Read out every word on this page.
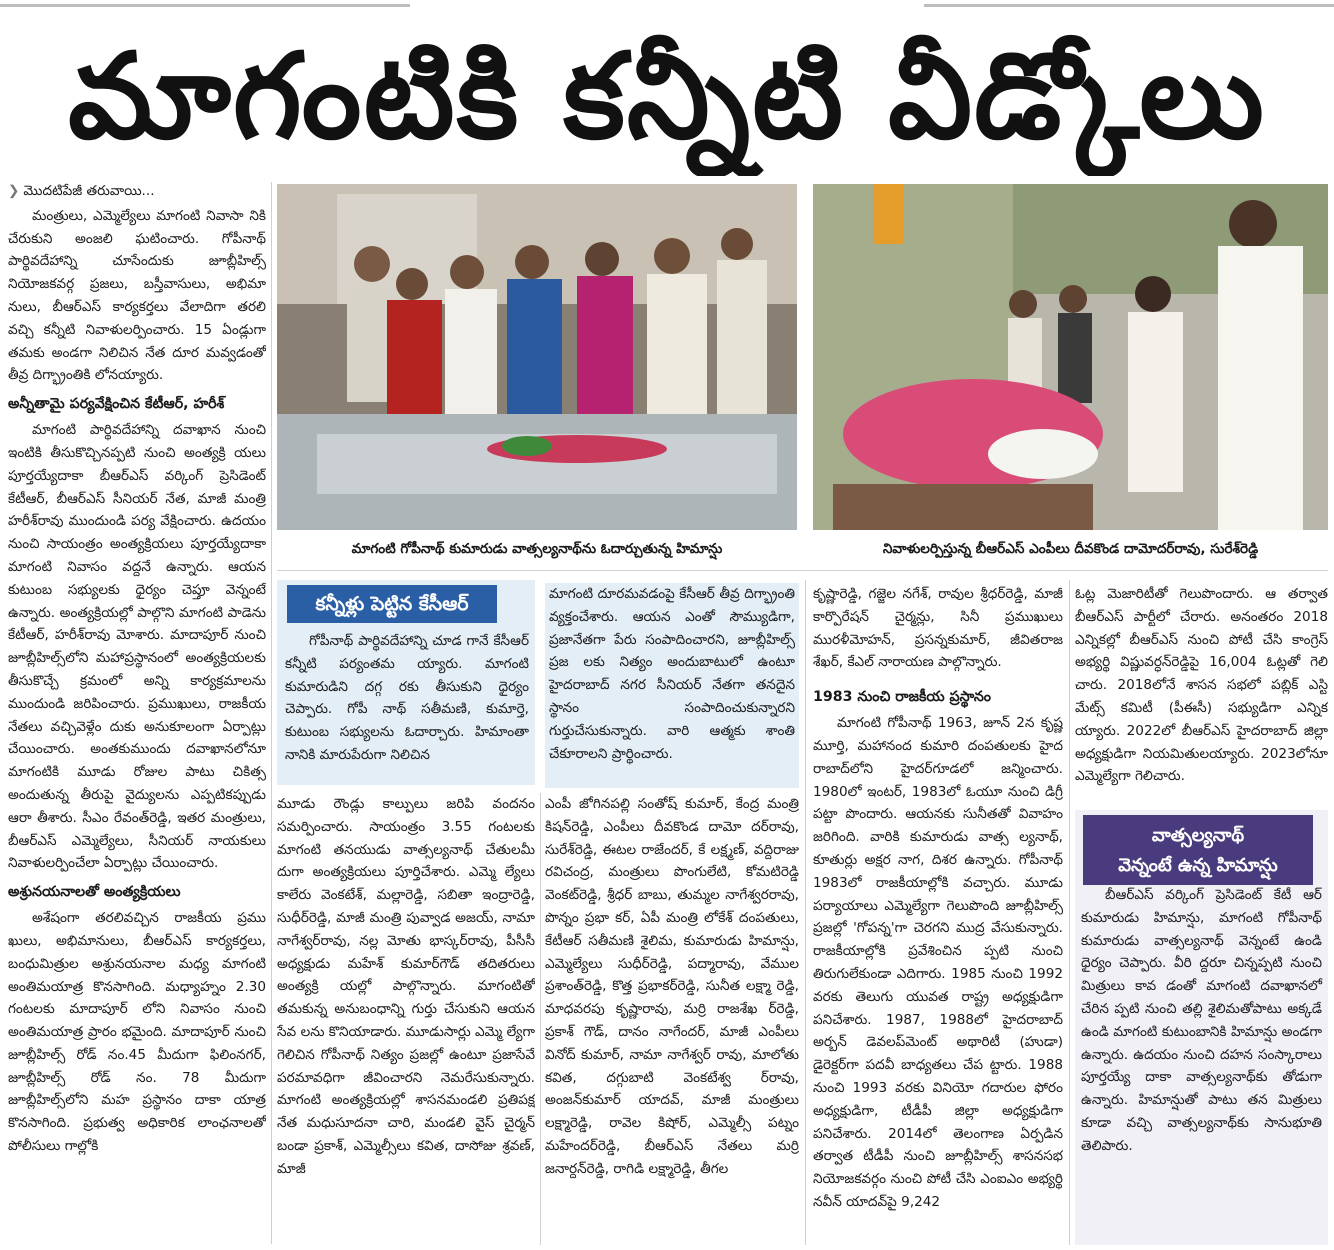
మాగంటికి కన్నీటి వీడ్కోలు
❯ మొదటిపేజీ తరువాయి...

మంత్రులు, ఎమ్మెల్యేలు మాగంటి నివాసా నికి చేరుకుని అంజలి ఘటించారు. గోపీనాథ్ పార్థివదేహాన్ని చూసేందుకు జూబ్లీహిల్స్ నియోజకవర్గ ప్రజలు, బస్తీవాసులు, అభిమా నులు, బీఆర్ఎస్ కార్యకర్తలు వేలాదిగా తరలి వచ్చి కన్నీటి నివాళులర్పించారు. 15 ఏండ్లుగా తమకు అండగా నిలిచిన నేత దూర మవ్వడంతో తీవ్ర దిగ్భ్రాంతికి లోనయ్యారు.

అన్నీతామై పర్యవేక్షించిన కేటీఆర్, హరీశ్

మాగంటి పార్థివదేహాన్ని దవాఖాన నుంచి ఇంటికి తీసుకొచ్చినప్పటి నుంచి అంత్యక్రి యలు పూర్తయ్యేదాకా బీఆర్ఎస్ వర్కింగ్ ప్రెసిడెంట్ కేటీఆర్, బీఆర్ఎస్ సీనియర్ నేత, మాజీ మంత్రి హరీశ్‌రావు ముందుండి పర్య వేక్షించారు. ఉదయం నుంచి సాయంత్రం అంత్యక్రియలు పూర్తయ్యేదాకా మాగంటి నివాసం వద్దనే ఉన్నారు. ఆయన కుటుంబ సభ్యులకు ధైర్యం చెప్తూ వెన్నంటే ఉన్నారు. అంత్యక్రియల్లో పాల్గొని మాగంటి పాడెను కేటీఆర్, హరీశ్‌రావు మోశారు. మాదాపూర్ నుంచి జూబ్లీహిల్స్‌లోని మహాప్రస్థానంలో అంత్యక్రియలకు తీసుకొచ్చే క్రమంలో అన్ని కార్యక్రమాలను ముందుండి జరిపించారు. ప్రముఖులు, రాజకీయ నేతలు వచ్చివెళ్లేం దుకు అనుకూలంగా ఏర్పాట్లు చేయించారు. అంతకుముందు దవాఖానలోనూ మాగంటికి మూడు రోజుల పాటు చికిత్స అందుతున్న తీరుపై వైద్యులను ఎప్పటికప్పుడు ఆరా తీశారు. సీఎం రేవంత్‌రెడ్డి, ఇతర మంత్రులు, బీఆర్ఎస్ ఎమ్మెల్యేలు, సీనియర్ నాయకులు నివాళులర్పించేలా ఏర్పాట్లు చేయించారు.

అశ్రునయనాలతో అంత్యక్రియలు

అశేషంగా తరలివచ్చిన రాజకీయ ప్రము ఖులు, అభిమానులు, బీఆర్ఎస్ కార్యకర్తలు, బంధుమిత్రుల అశ్రునయనాల మధ్య మాగంటి అంతిమయాత్ర కొనసాగింది. మధ్యాహ్నం 2.30 గంటలకు మాదాపూర్ లోని నివాసం నుంచి అంతిమయాత్ర ప్రారం భమైంది. మాదాపూర్ నుంచి జూబ్లీహిల్స్ రోడ్ నం.45 మీదుగా ఫిలింనగర్, జూబ్లీహిల్స్ రోడ్ నం. 78 మీదుగా జూబ్లీహిల్స్‌లోని మహ ప్రస్థానం దాకా యాత్ర కొనసాగింది. ప్రభుత్వ అధికారిక లాంఛనాలతో పోలీసులు గాల్లోకి

మాగంటి గోపీనాథ్ కుమారుడు వాత్సల్యనాథ్‌ను ఓదార్చుతున్న హిమాన్షు	నివాళులర్పిస్తున్న బీఆర్ఎస్ ఎంపీలు దీవకొండ దామోదర్‌రావు, సురేశ్‌రెడ్డి
కన్నీళ్లు పెట్టిన కేసీఆర్

గోపీనాథ్ పార్థివదేహాన్ని చూడ గానే కేసీఆర్ కన్నీటి పర్యంతమ య్యారు. మాగంటి కుమారుడిని దగ్గ రకు తీసుకుని ధైర్యం చెప్పారు. గోపీ నాథ్ సతీమణి, కుమార్తె, కుటుంబ సభ్యులను ఓదార్చారు. హిమాంతా నానికి మారుపేరుగా నిలిచిన

మాగంటి దూరమవడంపై కేసీఆర్ తీవ్ర దిగ్భ్రాంతి వ్యక్తంచేశారు. ఆయన ఎంతో సౌమ్యుడిగా, ప్రజానేతగా పేరు సంపాదించారని, జూబ్లీహిల్స్ ప్రజ లకు నిత్యం అందుబాటులో ఉంటూ హైదరాబాద్ నగర సీనియర్ నేతగా తనదైన స్థానం సంపాదించుకున్నారని గుర్తుచేసుకున్నారు. వారి ఆత్మకు శాంతి చేకూరాలని ప్రార్థించారు.

మూడు రౌండ్లు కాల్పులు జరిపి వందనం సమర్పించారు. సాయంత్రం 3.55 గంటలకు మాగంటి తనయుడు వాత్సల్యనాథ్ చేతులమీ దుగా అంత్యక్రియలు పూర్తిచేశారు. ఎమ్మె ల్యేలు కాలేరు వెంకటేశ్, మల్లారెడ్డి, సబితా ఇంద్రారెడ్డి, సుధీర్‌రెడ్డి, మాజీ మంత్రి పువ్వాడ అజయ్, నామా నాగేశ్వర్‌రావు, నల్ల మోతు భాస్కర్‌రావు, పీసీసీ అధ్యక్షుడు మహేశ్ కుమార్‌గౌడ్ తదితరులు అంత్యక్రి యల్లో పాల్గొన్నారు. మాగంటితో తమకున్న అనుబంధాన్ని గుర్తు చేసుకుని ఆయన సేవ లను కొనియాడారు. మూడుసార్లు ఎమ్మె ల్యేగా గెలిచిన గోపీనాథ్ నిత్యం ప్రజల్లో ఉంటూ ప్రజాసేవే పరమావధిగా జీవించారని నెమరేసుకున్నారు. మాగంటి అంత్యక్రియల్లో శాసనమండలి ప్రతిపక్ష నేత మధుసూదనా చారి, మండలి వైస్ చైర్మన్ బండా ప్రకాశ్, ఎమ్మెల్సీలు కవిత, దాసోజు శ్రవణ్, మాజీ

ఎంపీ జోగినపల్లి సంతోష్ కుమార్, కేంద్ర మంత్రి కిషన్‌రెడ్డి, ఎంపీలు దీవకొండ దామో దర్‌రావు, సురేశ్‌రెడ్డి, ఈటల రాజేందర్, కే లక్ష్మణ్, వద్దిరాజు రవిచంద్ర, మంత్రులు పొంగులేటి, కోమటిరెడ్డి వెంకట్‌రెడ్డి, శ్రీధర్ బాబు, తుమ్మల నాగేశ్వరరావు, పొన్నం ప్రభా కర్, ఏపీ మంత్రి లోకేశ్ దంపతులు, కేటీఆర్ సతీమణి శైలిమ, కుమారుడు హిమాన్షు, ఎమ్మెల్యేలు సుధీర్‌రెడ్డి, పద్మారావు, వేముల ప్రశాంత్‌రెడ్డి, కొత్త ప్రభాకర్‌రెడ్డి, సునీత లక్ష్మా రెడ్డి, మాధవరపు కృష్ణారావు, మర్రి రాజశేఖ ర్‌రెడ్డి, ప్రకాశ్ గౌడ్, దానం నాగేందర్, మాజీ ఎంపీలు వినోద్ కుమార్, నామా నాగేశ్వర్ రావు, మాలోతు కవిత, దగ్గుబాటి వెంకటేశ్వ ర్‌రావు, అంజన్‌కుమార్ యాదవ్, మాజీ మంత్రులు లక్ష్మారెడ్డి, రావెల కిషోర్, ఎమ్మెల్సీ పట్నం మహేందర్‌రెడ్డి, బీఆర్ఎస్ నేతలు మర్రి జనార్దన్‌రెడ్డి, రాగిడి లక్ష్మారెడ్డి, తీగల

కృష్ణారెడ్డి, గజ్జెల నగేశ్, రావుల శ్రీధర్‌రెడ్డి, మాజీ కార్పొరేషన్ చైర్మన్లు, సినీ ప్రముఖులు మురళీమోహన్, ప్రసన్నకుమార్, జీవితరాజ శేఖర్, కేఎల్ నారాయణ పాల్గొన్నారు.

1983 నుంచి రాజకీయ ప్రస్థానం

మాగంటి గోపీనాథ్ 1963, జూన్ 2న కృష్ణ మూర్తి, మహానంద కుమారి దంపతులకు హైద రాబాద్‌లోని హైదర్‌గూడలో జన్మించారు. 1980లో ఇంటర్, 1983లో ఓయూ నుంచి డిగ్రీ పట్టా పొందారు. ఆయనకు సునీతతో వివాహం జరిగింది. వారికి కుమారుడు వాత్స ల్యనాథ్, కూతుర్లు అక్షర నాగ, దిశర ఉన్నారు. గోపీనాథ్ 1983లో రాజకీయాల్లోకి వచ్చారు. మూడు పర్యాయాలు ఎమ్మెల్యేగా గెలుపొంది జూబ్లీహిల్స్ ప్రజల్లో 'గోపన్న'గా చెరగని ముద్ర వేసుకున్నారు. రాజకీయాల్లోకి ప్రవేశించిన ప్పటి నుంచి తిరుగులేకుండా ఎదిగారు. 1985 నుంచి 1992 వరకు తెలుగు యువత రాష్ట్ర అధ్యక్షుడిగా పనిచేశారు. 1987, 1988లో హైదరాబాద్ అర్బన్ డెవలప్‌మెంట్ అథారిటీ (హుడా) డైరెక్టర్‌గా పదవీ బాధ్యతలు చేప ట్టారు. 1988 నుంచి 1993 వరకు వినియో గదారుల ఫోరం అధ్యక్షుడిగా, టీడీపీ జిల్లా అధ్యక్షుడిగా పనిచేశారు. 2014లో తెలంగాణ ఏర్పడిన తర్వాత టీడీపీ నుంచి జూబ్లీహిల్స్ శాసనసభ నియోజకవర్గం నుంచి పోటీ చేసి ఎంఐఎం అభ్యర్థి నవీన్ యాదవ్‌పై 9,242

ఓట్ల మెజారిటీతో గెలుపొందారు. ఆ తర్వాత బీఆర్ఎస్ పార్టీలో చేరారు. అనంతరం 2018 ఎన్నికల్లో బీఆర్ఎస్ నుంచి పోటీ చేసి కాంగ్రెస్ అభ్యర్థి విష్ణువర్ధన్‌రెడ్డిపై 16,004 ఓట్లతో గెలి చారు. 2018లోనే శాసన సభలో పబ్లిక్ ఎస్టి మేట్స్ కమిటీ (పీఈసీ) సభ్యుడిగా ఎన్నిక య్యారు. 2022లో బీఆర్ఎస్ హైదరాబాద్ జిల్లా అధ్యక్షుడిగా నియమితులయ్యారు. 2023లోనూ ఎమ్మెల్యేగా గెలిచారు.

వాత్సల్యనాథ్
వెన్నంటే ఉన్న హిమాన్షు

బీఆర్ఎస్ వర్కింగ్ ప్రెసిడెంట్ కేటీ ఆర్ కుమారుడు హిమాన్షు, మాగంటి గోపీనాథ్ కుమారుడు వాత్సల్యనాథ్ వెన్నంటే ఉండి ధైర్యం చెప్పారు. వీరి ద్దరూ చిన్నప్పటి నుంచి మిత్రులు కావ డంతో మాగంటి దవాఖానలో చేరిన ప్పటి నుంచి తల్లి శైలిమతోపాటు అక్కడే ఉండి మాగంటి కుటుంబానికి హిమాన్షు అండగా ఉన్నారు. ఉదయం నుంచి దహన సంస్కారాలు పూర్తయ్యే దాకా వాత్సల్యనాథ్‌కు తోడుగా ఉన్నారు. హిమాన్షుతో పాటు తన మిత్రులు కూడా వచ్చి వాత్సల్యనాథ్‌కు సానుభూతి తెలిపారు.
